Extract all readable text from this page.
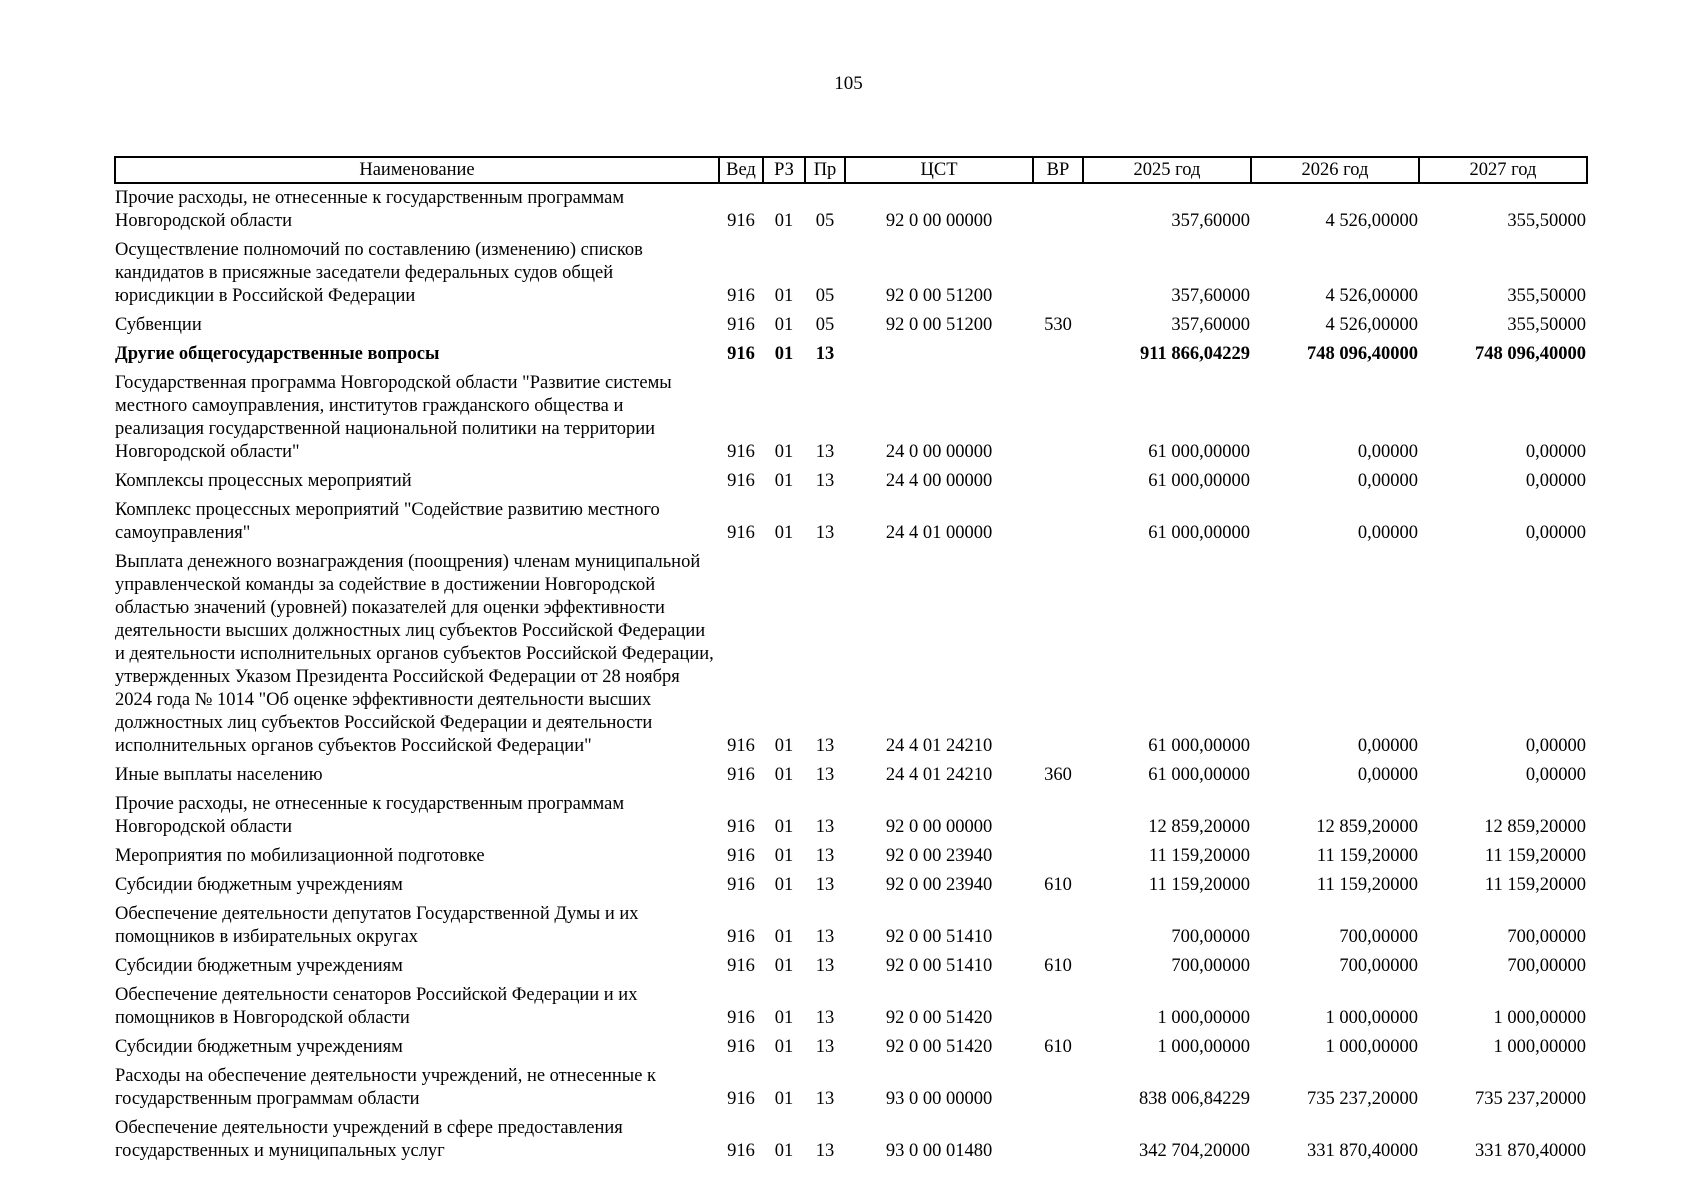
105
Наименование	Вед	РЗ	Пр	ЦСТ	ВР	2025 год	2026 год	2027 год
Прочие расходы, не отнесенные к государственным программам Новгородской области	916	01	05	92 0 00 00000		357,60000	4 526,00000	355,50000
Осуществление полномочий по составлению (изменению) списков кандидатов в присяжные заседатели федеральных судов общей юрисдикции в Российской Федерации	916	01	05	92 0 00 51200		357,60000	4 526,00000	355,50000
Субвенции	916	01	05	92 0 00 51200	530	357,60000	4 526,00000	355,50000
Другие общегосударственные вопросы	916	01	13			911 866,04229	748 096,40000	748 096,40000
Государственная программа Новгородской области "Развитие системы местного самоуправления, институтов гражданского общества и реализация государственной национальной политики на территории Новгородской области"	916	01	13	24 0 00 00000		61 000,00000	0,00000	0,00000
Комплексы процессных мероприятий	916	01	13	24 4 00 00000		61 000,00000	0,00000	0,00000
Комплекс процессных мероприятий "Содействие развитию местного самоуправления"	916	01	13	24 4 01 00000		61 000,00000	0,00000	0,00000
Выплата денежного вознаграждения (поощрения) членам муниципальной управленческой команды за содействие в достижении Новгородской областью значений (уровней) показателей для оценки эффективности деятельности высших должностных лиц субъектов Российской Федерации и деятельности исполнительных органов субъектов Российской Федерации, утвержденных Указом Президента Российской Федерации от 28 ноября 2024 года № 1014 "Об оценке эффективности деятельности высших должностных лиц субъектов Российской Федерации и деятельности исполнительных органов субъектов Российской Федерации"	916	01	13	24 4 01 24210		61 000,00000	0,00000	0,00000
Иные выплаты населению	916	01	13	24 4 01 24210	360	61 000,00000	0,00000	0,00000
Прочие расходы, не отнесенные к государственным программам Новгородской области	916	01	13	92 0 00 00000		12 859,20000	12 859,20000	12 859,20000
Мероприятия по мобилизационной подготовке	916	01	13	92 0 00 23940		11 159,20000	11 159,20000	11 159,20000
Субсидии бюджетным учреждениям	916	01	13	92 0 00 23940	610	11 159,20000	11 159,20000	11 159,20000
Обеспечение деятельности депутатов Государственной Думы и их помощников в избирательных округах	916	01	13	92 0 00 51410		700,00000	700,00000	700,00000
Субсидии бюджетным учреждениям	916	01	13	92 0 00 51410	610	700,00000	700,00000	700,00000
Обеспечение деятельности сенаторов Российской Федерации и их помощников в Новгородской области	916	01	13	92 0 00 51420		1 000,00000	1 000,00000	1 000,00000
Субсидии бюджетным учреждениям	916	01	13	92 0 00 51420	610	1 000,00000	1 000,00000	1 000,00000
Расходы на обеспечение деятельности учреждений, не отнесенные к государственным программам области	916	01	13	93 0 00 00000		838 006,84229	735 237,20000	735 237,20000
Обеспечение деятельности учреждений в сфере предоставления государственных и муниципальных услуг	916	01	13	93 0 00 01480		342 704,20000	331 870,40000	331 870,40000
